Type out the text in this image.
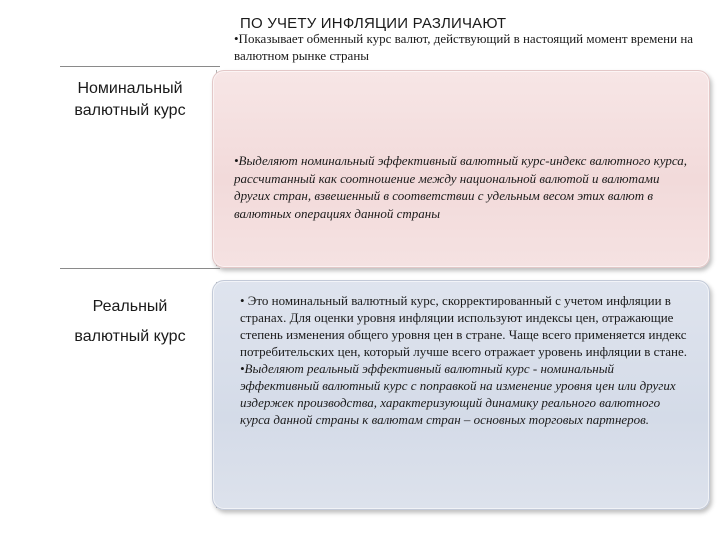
ПО УЧЕТУ ИНФЛЯЦИИ РАЗЛИЧАЮТ
•Показывает обменный курс валют, действующий в настоящий момент времени на валютном рынке страны
Номинальный валютный курс

•Выделяют номинальный эффективный валютный курс-индекс валютного курса, рассчитанный как соотношение между национальной валютой и валютами других стран, взвешенный в соответствии с удельным весом этих валют в валютных операциях данной страны

Реальный валютный курс

• Это номинальный валютный курс, скорректированный с учетом инфляции в странах. Для оценки уровня инфляции используют индексы цен, отражающие степень изменения общего уровня цен в стране. Чаще всего применяется индекс потребительских цен, который лучше всего отражает уровень инфляции в стане.

•Выделяют реальный эффективный валютный курс - номинальный эффективный валютный курс с поправкой на изменение уровня цен или других издержек производства, характеризующий динамику реального валютного курса данной страны к валютам стран – основных торговых партнеров.
